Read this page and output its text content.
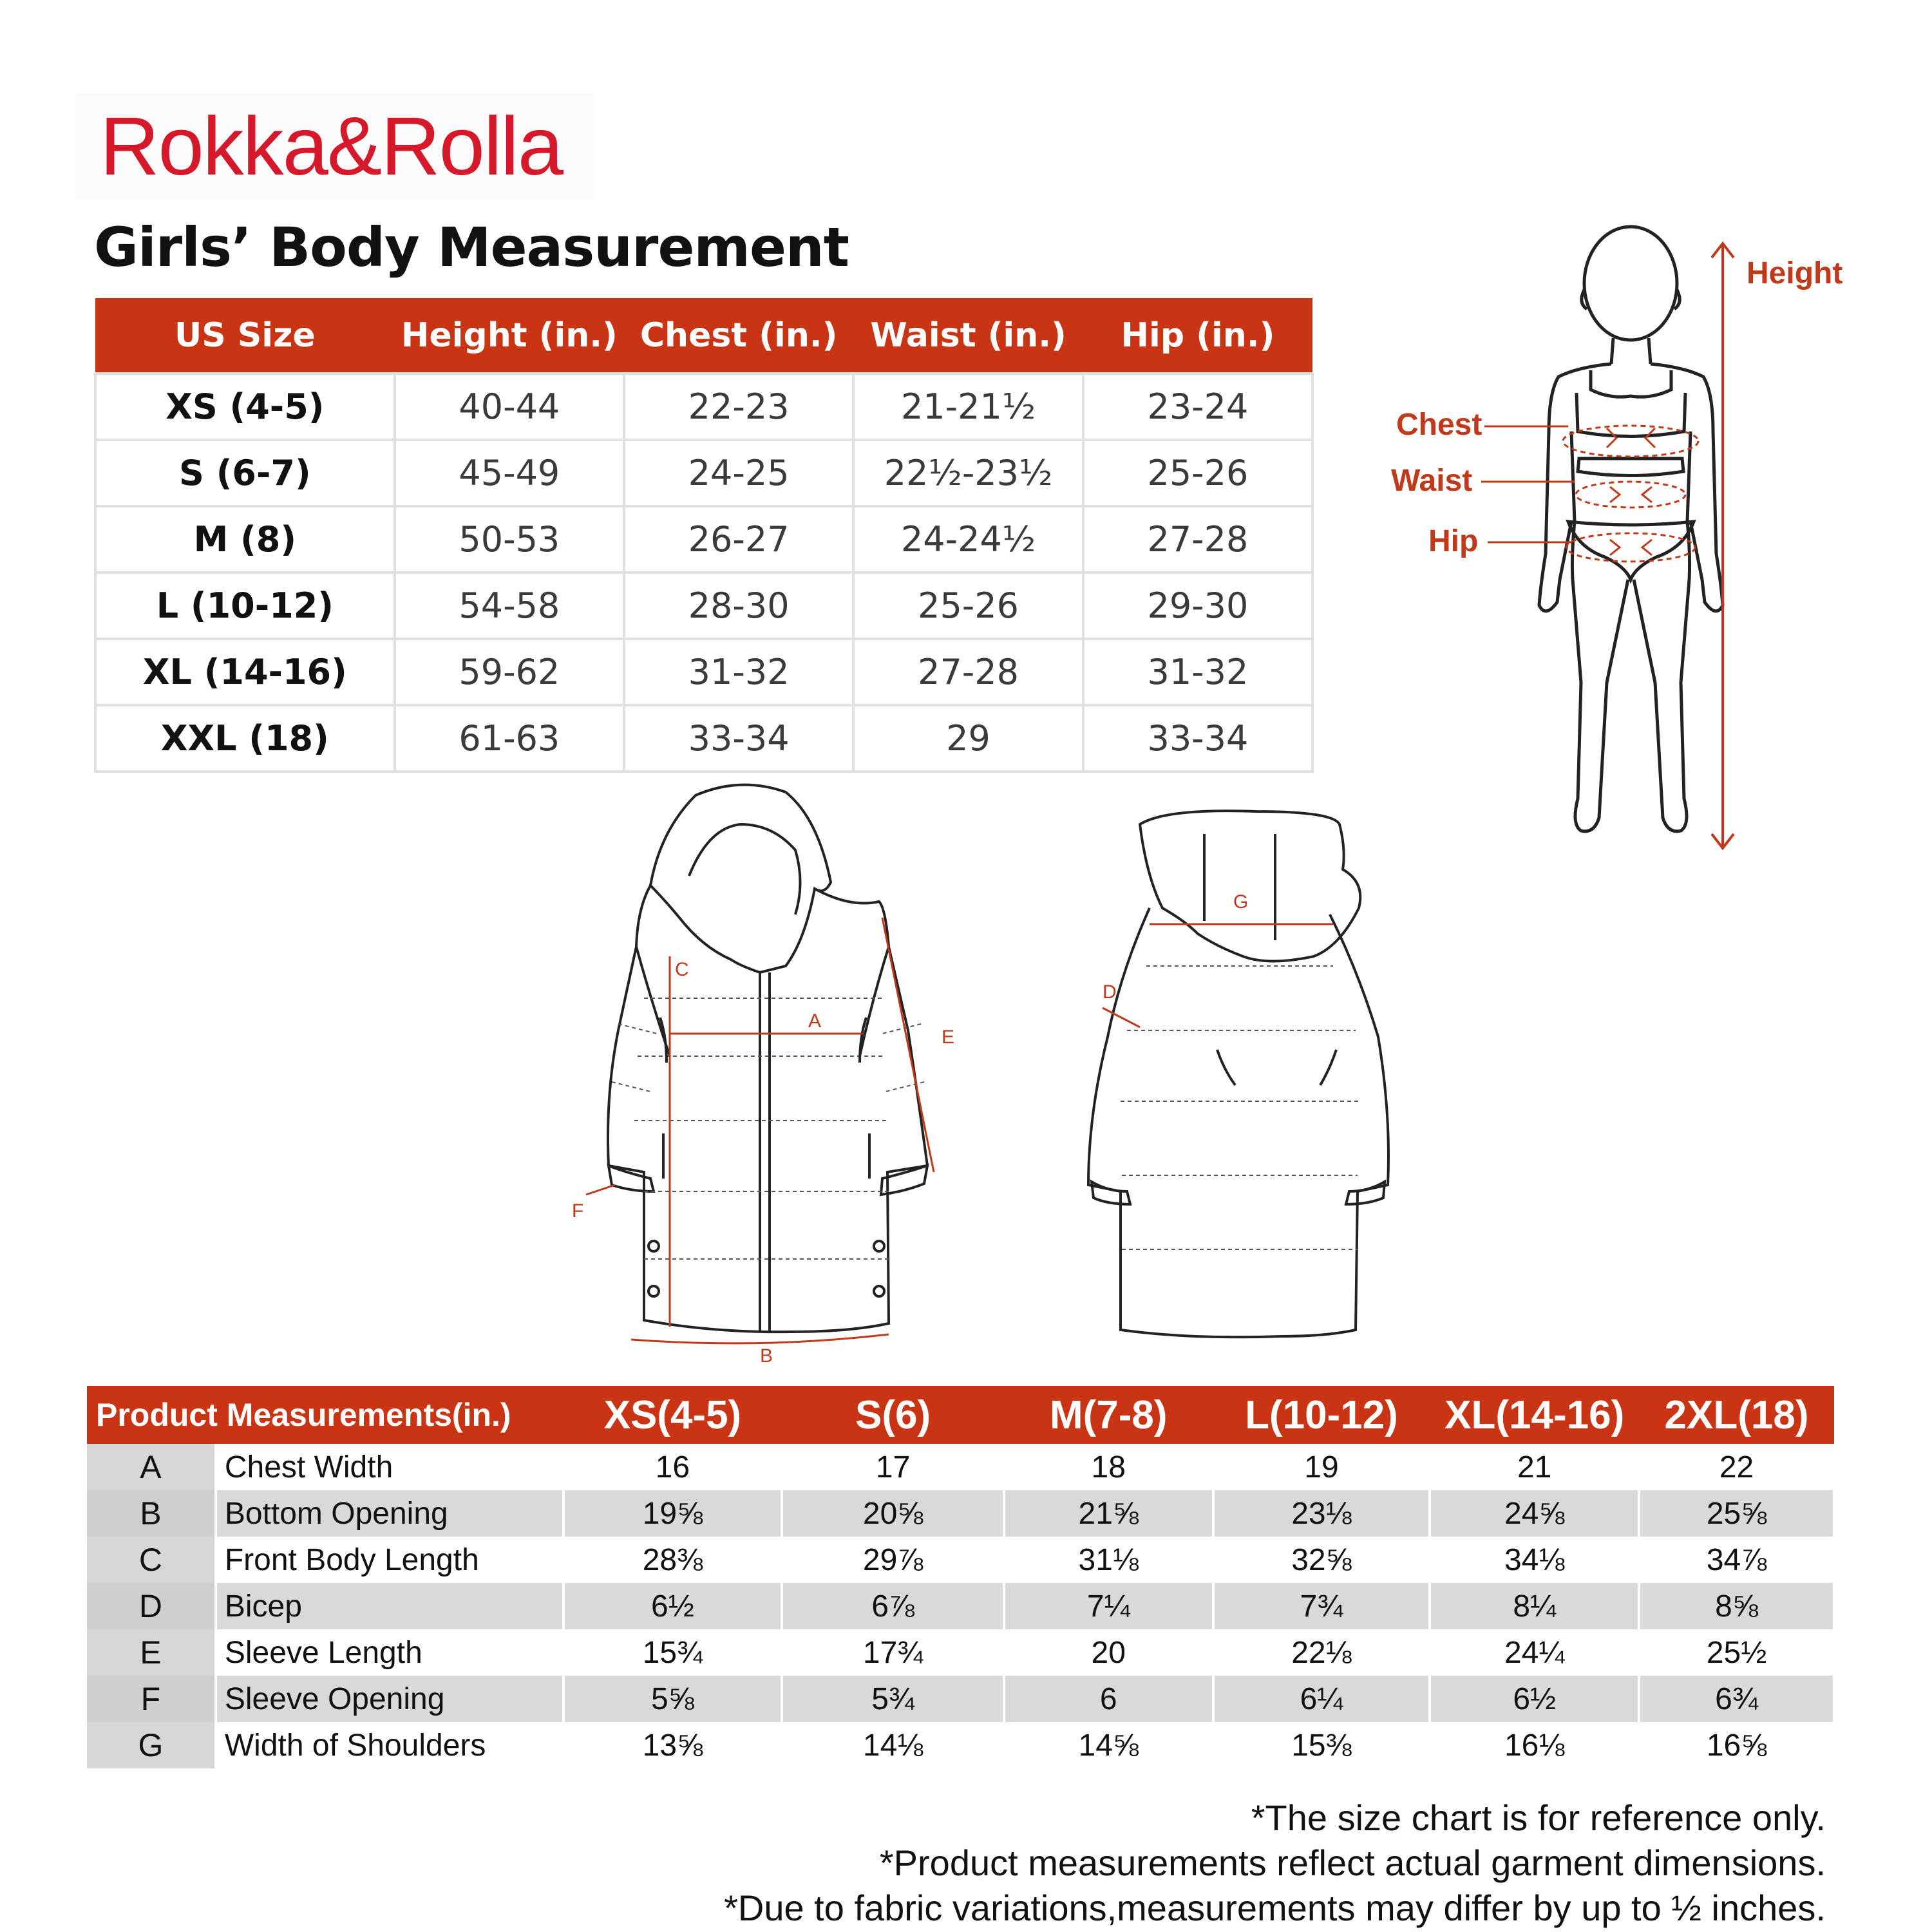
Rokka&Rolla
Girls’ Body Measurement
US Size	Height (in.)	Chest (in.)	Waist (in.)	Hip (in.)
XS (4-5)	40-44	22-23	21-21½	23-24
S (6-7)	45-49	24-25	22½-23½	25-26
M (8)	50-53	26-27	24-24½	27-28
L (10-12)	54-58	28-30	25-26	29-30
XL (14-16)	59-62	31-32	27-28	31-32
XXL (18)	61-63	33-34	29	33-34
Height
Chest
Waist
Hip
A
B
C
E
F
G
D
Product Measurements(in.)		XS(4-5)	S(6)	M(7-8)	L(10-12)	XL(14-16)	2XL(18)
A	Chest Width	16	17	18	19	21	22
B	Bottom Opening	19⅝	20⅝	21⅝	23⅛	24⅝	25⅝
C	Front Body Length	28⅜	29⅞	31⅛	32⅝	34⅛	34⅞
D	Bicep	6½	6⅞	7¼	7¾	8¼	8⅝
E	Sleeve Length	15¾	17¾	20	22⅛	24¼	25½
F	Sleeve Opening	5⅝	5¾	6	6¼	6½	6¾
G	Width of Shoulders	13⅝	14⅛	14⅝	15⅜	16⅛	16⅝
*The size chart is for reference only.
*Product measurements reflect actual garment dimensions.
*Due to fabric variations,measurements may differ by up to ½ inches.
